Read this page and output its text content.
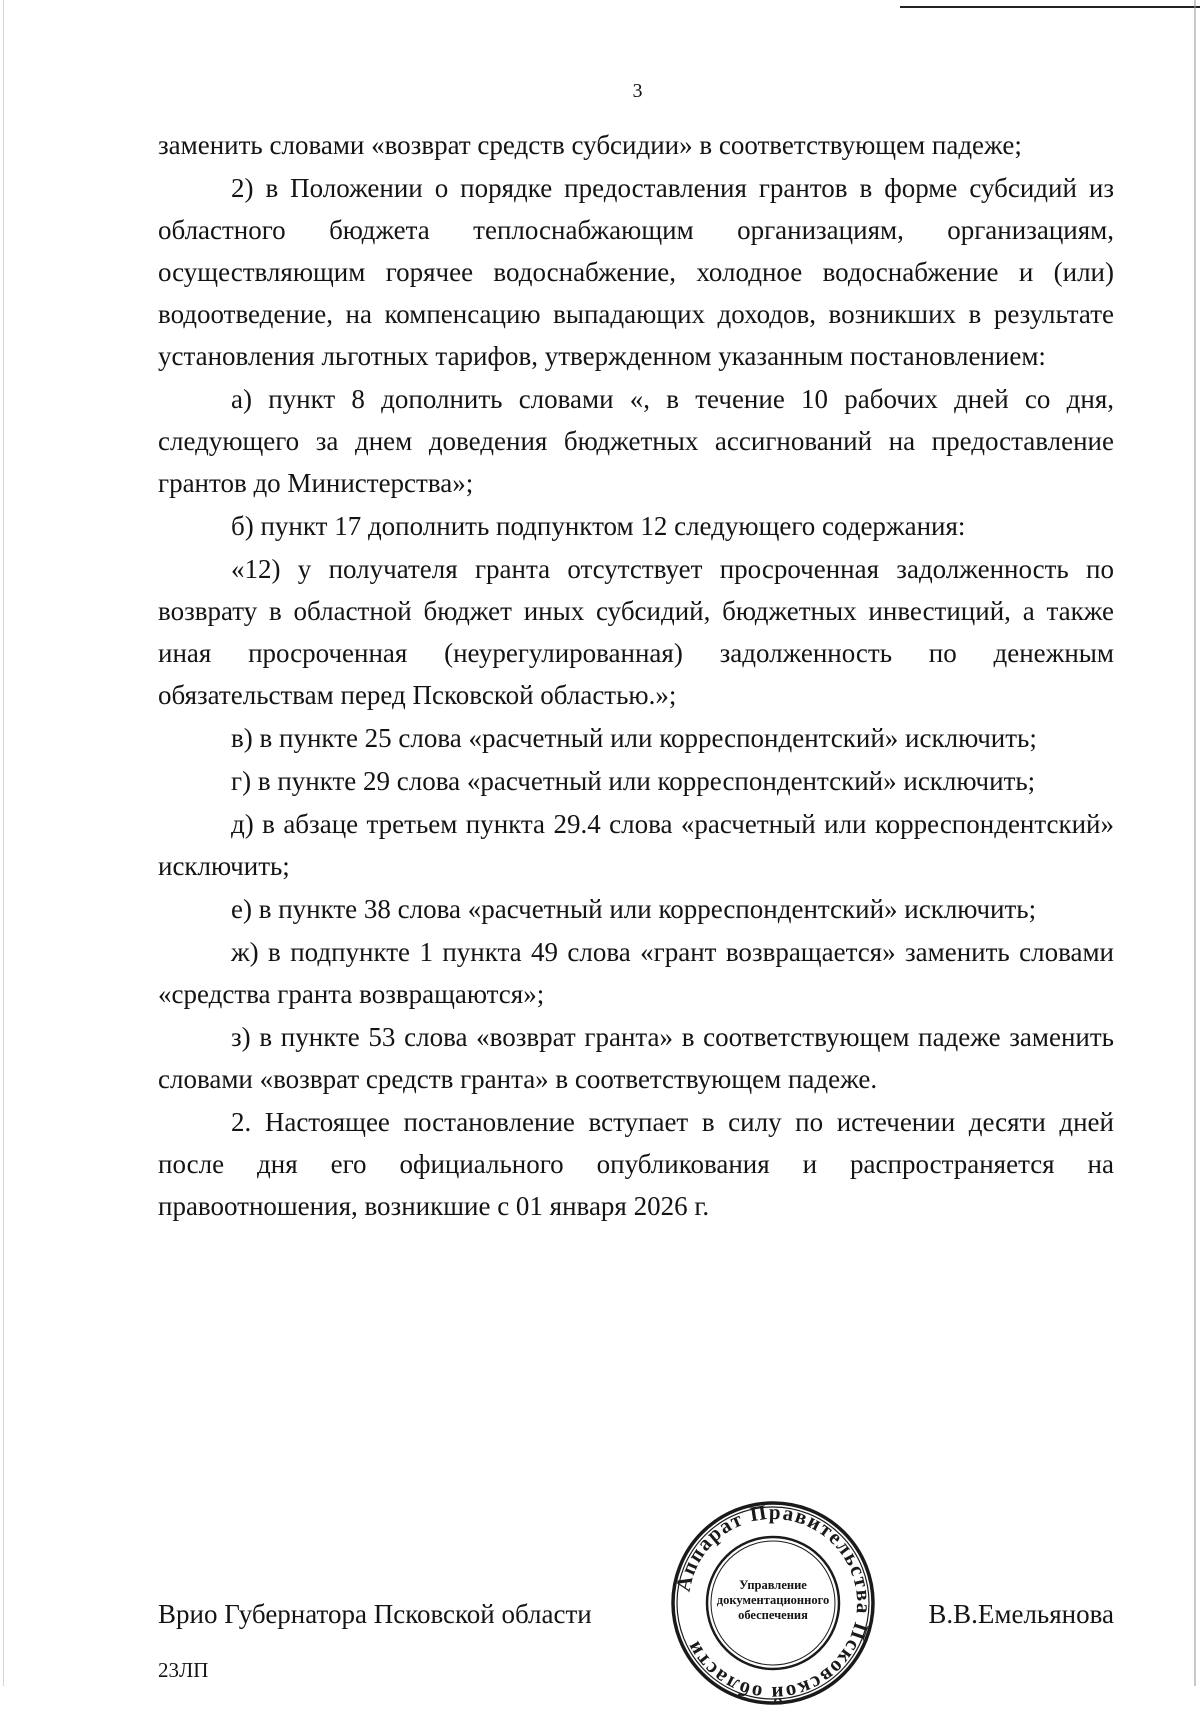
3

заменить словами «возврат средств субсидии» в соответствующем падеже;

2) в Положении о порядке предоставления грантов в форме субсидий из областного бюджета теплоснабжающим организациям, организациям, осуществляющим горячее водоснабжение, холодное водоснабжение и (или) водоотведение, на компенсацию выпадающих доходов, возникших в результате установления льготных тарифов, утвержденном указанным постановлением:

а) пункт 8 дополнить словами «, в течение 10 рабочих дней со дня, следующего за днем доведения бюджетных ассигнований на предоставление грантов до Министерства»;

б) пункт 17 дополнить подпунктом 12 следующего содержания:

«12) у получателя гранта отсутствует просроченная задолженность по возврату в областной бюджет иных субсидий, бюджетных инвестиций, а также иная просроченная (неурегулированная) задолженность по денежным обязательствам перед Псковской областью.»;

в) в пункте 25 слова «расчетный или корреспондентский» исключить;

г) в пункте 29 слова «расчетный или корреспондентский» исключить;

д) в абзаце третьем пункта 29.4 слова «расчетный или корреспондентский» исключить;

е) в пункте 38 слова «расчетный или корреспондентский» исключить;

ж) в подпункте 1 пункта 49 слова «грант возвращается» заменить словами «средства гранта возвращаются»;

з) в пункте 53 слова «возврат гранта» в соответствующем падеже заменить словами «возврат средств гранта» в соответствующем падеже.

2. Настоящее постановление вступает в силу по истечении десяти дней после дня его официального опубликования и распространяется на правоотношения, возникшие с 01 января 2026 г.

Аппарат Правительства Псковской области
Управление
документационного
обеспечения
Врио Губернатора Псковской области	В.В.Емельянова
23ЛП
